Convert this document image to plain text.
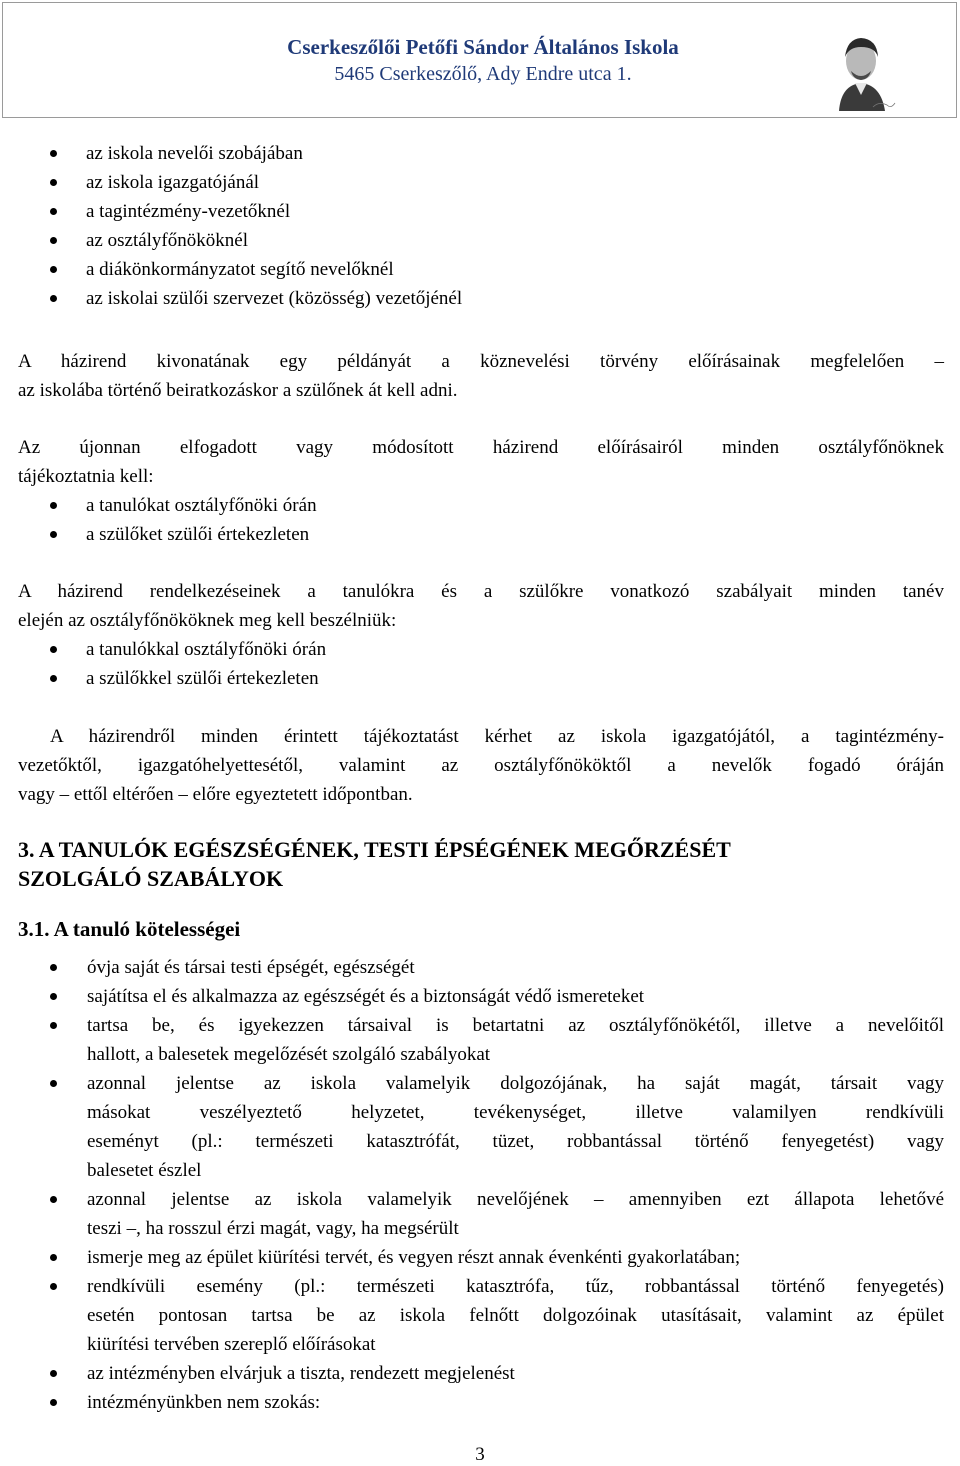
Cserkeszőlői Petőfi Sándor Általános Iskola
5465 Cserkeszőlő, Ady Endre utca 1.
az iskola nevelői szobájában
az iskola igazgatójánál
a tagintézmény-vezetőknél
az osztályfőnököknél
a diákönkormányzatot segítő nevelőknél
az iskolai szülői szervezet (közösség) vezetőjénél
A házirend kivonatának egy példányát a köznevelési törvény előírásainak megfelelően –
az iskolába történő beiratkozáskor a szülőnek át kell adni.
Az újonnan elfogadott vagy módosított házirend előírásairól minden osztályfőnöknek
tájékoztatnia kell:
a tanulókat osztályfőnöki órán
a szülőket szülői értekezleten
A házirend rendelkezéseinek a tanulókra és a szülőkre vonatkozó szabályait minden tanév
elején az osztályfőnököknek meg kell beszélniük:
a tanulókkal osztályfőnöki órán
a szülőkkel szülői értekezleten
A házirendről minden érintett tájékoztatást kérhet az iskola igazgatójától, a tagintézmény-
vezetőktől, igazgatóhelyettesétől, valamint az osztályfőnököktől a nevelők fogadó óráján
vagy – ettől eltérően – előre egyeztetett időpontban.
3. A TANULÓK EGÉSZSÉGÉNEK, TESTI ÉPSÉGÉNEK MEGŐRZÉSÉT
SZOLGÁLÓ SZABÁLYOK
3.1. A tanuló kötelességei
óvja saját és társai testi épségét, egészségét
sajátítsa el és alkalmazza az egészségét és a biztonságát védő ismereteket
tartsa be, és igyekezzen társaival is betartatni az osztályfőnökétől, illetve a nevelőitől
hallott, a balesetek megelőzését szolgáló szabályokat
azonnal jelentse az iskola valamelyik dolgozójának, ha saját magát, társait vagy
másokat veszélyeztető helyzetet, tevékenységet, illetve valamilyen rendkívüli
eseményt (pl.: természeti katasztrófát, tüzet, robbantással történő fenyegetést) vagy
balesetet észlel
azonnal jelentse az iskola valamelyik nevelőjének – amennyiben ezt állapota lehetővé
teszi –, ha rosszul érzi magát, vagy, ha megsérült
ismerje meg az épület kiürítési tervét, és vegyen részt annak évenkénti gyakorlatában;
rendkívüli esemény (pl.: természeti katasztrófa, tűz, robbantással történő fenyegetés)
esetén pontosan tartsa be az iskola felnőtt dolgozóinak utasításait, valamint az épület
kiürítési tervében szereplő előírásokat
az intézményben elvárjuk a tiszta, rendezett megjelenést
intézményünkben nem szokás:
3
